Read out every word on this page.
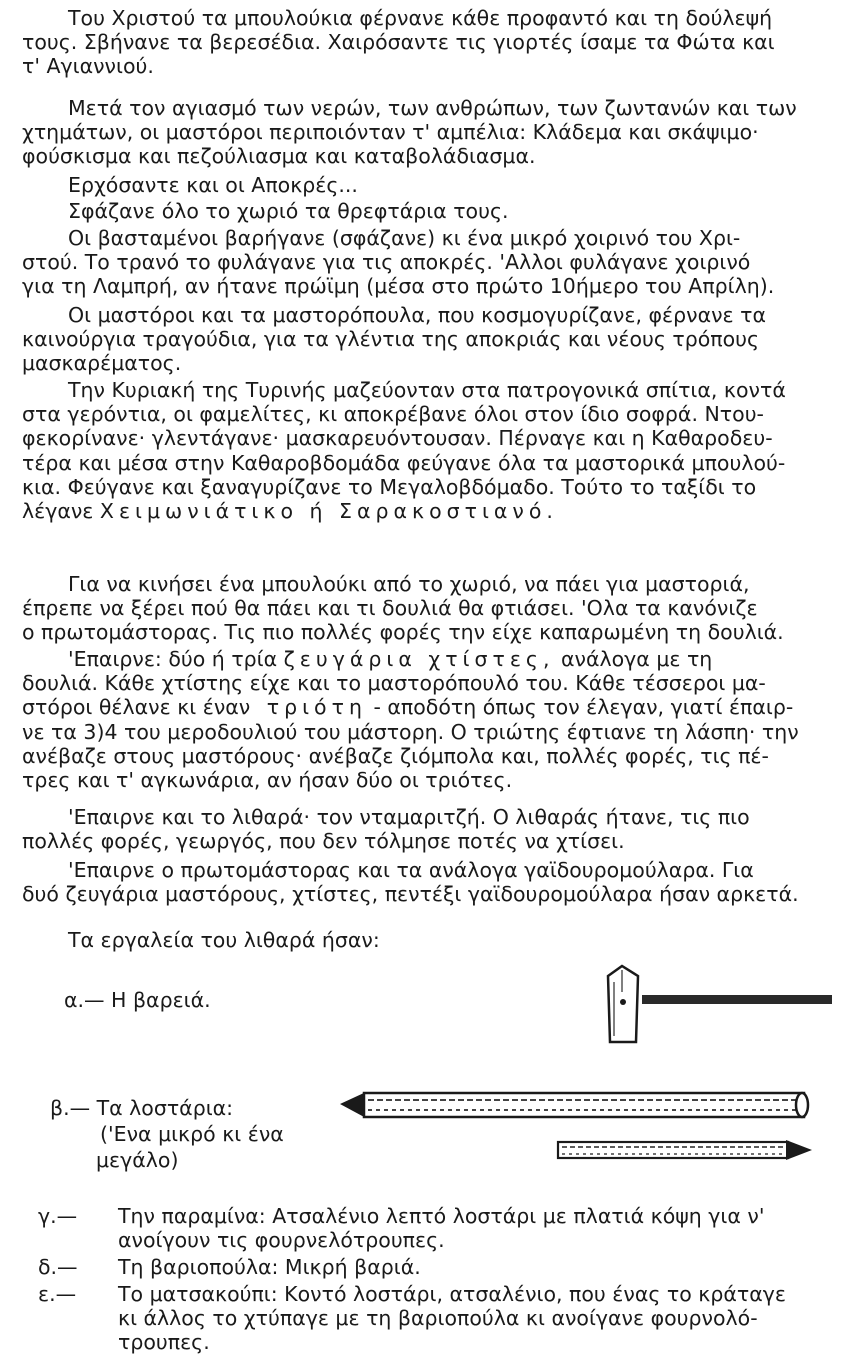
Του Χριστού τα μπουλούκια φέρνανε κάθε προφαντό και τη δούλεψή
τους. Σβήνανε τα βερεσέδια. Χαιρόσαντε τις γιορτές ίσαμε τα Φώτα και
τ' Αγιαννιού.
Μετά τον αγιασμό των νερών, των ανθρώπων, των ζωντανών και των
χτημάτων, οι μαστόροι περιποιόνταν τ' αμπέλια: Κλάδεμα και σκάψιμο·
φούσκισμα και πεζούλιασμα και καταβολάδιασμα.
Ερχόσαντε και οι Αποκρές...
Σφάζανε όλο το χωριό τα θρεφτάρια τους.
Οι βασταμένοι βαρήγανε (σφάζανε) κι ένα μικρό χοιρινό του Χρι-
στού. Το τρανό το φυλάγανε για τις αποκρές. 'Αλλοι φυλάγανε χοιρινό
για τη Λαμπρή, αν ήτανε πρώϊμη (μέσα στο πρώτο 10ήμερο του Απρίλη).
Οι μαστόροι και τα μαστορόπουλα, που κοσμογυρίζανε, φέρνανε τα
καινούργια τραγούδια, για τα γλέντια της αποκριάς και νέους τρόπους
μασκαρέματος.
Την Κυριακή της Τυρινής μαζεύονταν στα πατρογονικά σπίτια, κοντά
στα γερόντια, οι φαμελίτες, κι αποκρέβανε όλοι στον ίδιο σοφρά. Ντου-
φεκορίνανε· γλεντάγανε· μασκαρευόντουσαν. Πέρναγε και η Καθαροδευ-
τέρα και μέσα στην Καθαροβδομάδα φεύγανε όλα τα μαστορικά μπουλού-
κια. Φεύγανε και ξαναγυρίζανε το Μεγαλοβδόμαδο. Τούτο το ταξίδι το
λέγανε Χειμωνιάτικο ή Σαρακοστιανό.
Για να κινήσει ένα μπουλούκι από το χωριό, να πάει για μαστοριά,
έπρεπε να ξέρει πού θα πάει και τι δουλιά θα φτιάσει. 'Ολα τα κανόνιζε
ο πρωτομάστορας. Τις πιο πολλές φορές την είχε καπαρωμένη τη δουλιά.
'Επαιρνε: δύο ή τρία ζευγάρια χτίστες, ανάλογα με τη
δουλιά. Κάθε χτίστης είχε και το μαστορόπουλό του. Κάθε τέσσεροι μα-
στόροι θέλανε κι έναν τριότη - αποδότη όπως τον έλεγαν, γιατί έπαιρ-
νε τα 3)4 του μεροδουλιού του μάστορη. Ο τριώτης έφτιανε τη λάσπη· την
ανέβαζε στους μαστόρους· ανέβαζε ζιόμπολα και, πολλές φορές, τις πέ-
τρες και τ' αγκωνάρια, αν ήσαν δύο οι τριότες.
'Επαιρνε και το λιθαρά· τον νταμαριτζή. Ο λιθαράς ήτανε, τις πιο
πολλές φορές, γεωργός, που δεν τόλμησε ποτές να χτίσει.
'Επαιρνε ο πρωτομάστορας και τα ανάλογα γαϊδουρομούλαρα. Για
δυό ζευγάρια μαστόρους, χτίστες, πεντέξι γαϊδουρομούλαρα ήσαν αρκετά.
Τα εργαλεία του λιθαρά ήσαν:
α.— Η βαρειά.
β.— Τα λοστάρια:
('Ενα μικρό κι ένα
μεγάλο)
γ.— Την παραμίνα: Ατσαλένιο λεπτό λοστάρι με πλατιά κόψη για ν'
ανοίγουν τις φουρνελότρουπες.
δ.— Τη βαριοπούλα: Μικρή βαριά.
ε.— Το ματσακούπι: Κοντό λοστάρι, ατσαλένιο, που ένας το κράταγε
κι άλλος το χτύπαγε με τη βαριοπούλα κι ανοίγανε φουρνολό-
τρουπες.
